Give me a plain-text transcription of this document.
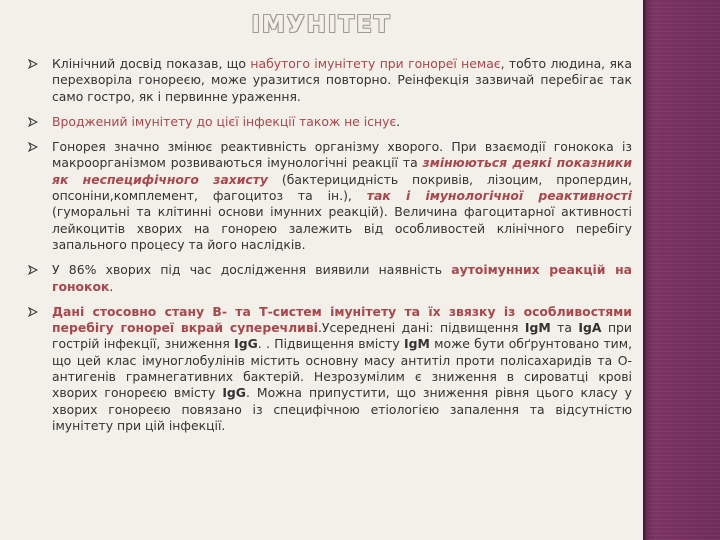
ІМУНІТЕТ
Клінічний досвід показав, що набутого імунітету при гонореї немає, тобто людина, яка перехворіла гонореєю, може уразитися повторно. Реінфекція зазвичай перебігає так само гостро, як і первинне ураження.
Вроджений імунітету до цієї інфекції також не існує.
Гонорея значно змінює реактивність організму хворого. При взаємодії гонокока із макроорганізмом розвиваються імунологічні реакції та змінюються деякі показники як неспецифічного захисту (бактерицидність покривів, лізоцим, пропердин, опсоніни,комплемент, фагоцитоз та ін.), так і імунологічної реактивності (гуморальні та клітинні основи імунних реакцій). Величина фагоцитарної активності лейкоцитів хворих на гонорею залежить від особливостей клінічного перебігу запального процесу та його наслідків.
У 86% хворих під час дослідження виявили наявність аутоімунних реакцій на гонокок.
Дані стосовно стану В- та Т-систем імунітету та їх звязку із особливостями перебігу гонореї вкрай суперечливі.Усереднені дані: підвищення IgM та IgA при гострій інфекції, зниження IgG. . Підвищення вмісту IgM може бути обґрунтовано тим, що цей клас імуноглобулінів містить основну масу антитіл проти полісахаридів та О-антигенів грамнегативних бактерій. Незрозумілим є зниження в сироватці крові хворих гонореєю вмісту IgG. Можна припустити, що зниження рівня цього класу у хворих гонореєю повязано із специфічною етіологією запалення та відсутністю імунітету при цій інфекції.
